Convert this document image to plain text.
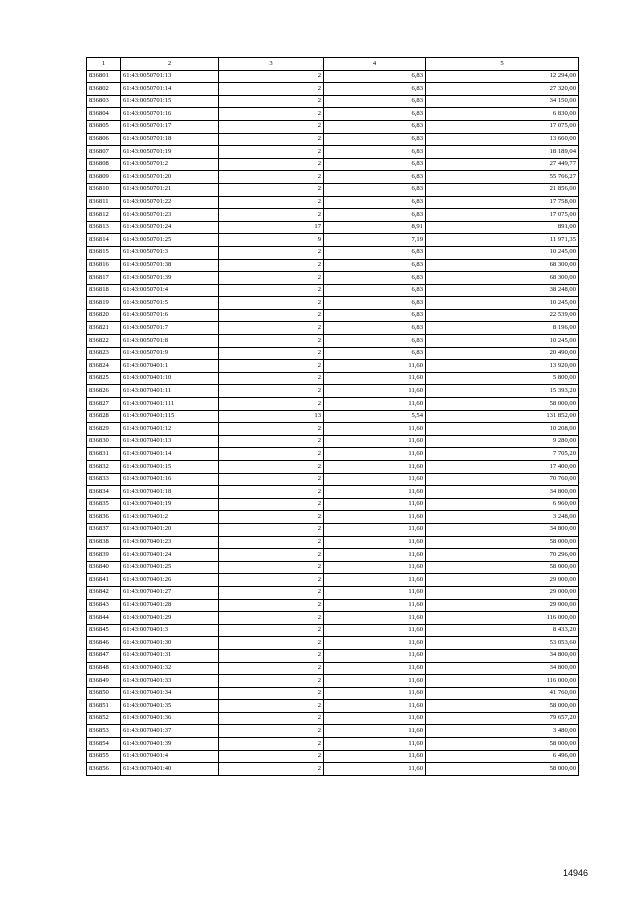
1	2	3	4	5
836801	61:43:0050701:13	2	6,83	12 294,00
836802	61:43:0050701:14	2	6,83	27 320,00
836803	61:43:0050701:15	2	6,83	34 150,00
836804	61:43:0050701:16	2	6,83	6 830,00
836805	61:43:0050701:17	2	6,83	17 075,00
836806	61:43:0050701:18	2	6,83	13 660,00
836807	61:43:0050701:19	2	6,83	18 189,04
836808	61:43:0050701:2	2	6,83	27 449,77
836809	61:43:0050701:20	2	6,83	55 766,27
836810	61:43:0050701:21	2	6,83	21 856,00
836811	61:43:0050701:22	2	6,83	17 758,00
836812	61:43:0050701:23	2	6,83	17 075,00
836813	61:43:0050701:24	17	8,91	891,00
836814	61:43:0050701:25	9	7,19	11 971,35
836815	61:43:0050701:3	2	6,83	10 245,00
836816	61:43:0050701:38	2	6,83	68 300,00
836817	61:43:0050701:39	2	6,83	68 300,00
836818	61:43:0050701:4	2	6,83	38 248,00
836819	61:43:0050701:5	2	6,83	10 245,00
836820	61:43:0050701:6	2	6,83	22 539,00
836821	61:43:0050701:7	2	6,83	8 196,00
836822	61:43:0050701:8	2	6,83	10 245,00
836823	61:43:0050701:9	2	6,83	20 490,00
836824	61:43:0070401:1	2	11,60	13 920,00
836825	61:43:0070401:10	2	11,60	5 800,00
836826	61:43:0070401:11	2	11,60	15 393,20
836827	61:43:0070401:111	2	11,60	58 000,00
836828	61:43:0070401:115	13	5,54	131 852,00
836829	61:43:0070401:12	2	11,60	10 208,00
836830	61:43:0070401:13	2	11,60	9 280,00
836831	61:43:0070401:14	2	11,60	7 705,20
836832	61:43:0070401:15	2	11,60	17 400,00
836833	61:43:0070401:16	2	11,60	70 760,00
836834	61:43:0070401:18	2	11,60	34 800,00
836835	61:43:0070401:19	2	11,60	6 960,00
836836	61:43:0070401:2	2	11,60	3 248,00
836837	61:43:0070401:20	2	11,60	34 800,00
836838	61:43:0070401:23	2	11,60	58 000,00
836839	61:43:0070401:24	2	11,60	70 296,00
836840	61:43:0070401:25	2	11,60	58 000,00
836841	61:43:0070401:26	2	11,60	29 000,00
836842	61:43:0070401:27	2	11,60	29 000,00
836843	61:43:0070401:28	2	11,60	29 000,00
836844	61:43:0070401:29	2	11,60	116 000,00
836845	61:43:0070401:3	2	11,60	8 433,20
836846	61:43:0070401:30	2	11,60	53 053,60
836847	61:43:0070401:31	2	11,60	34 800,00
836848	61:43:0070401:32	2	11,60	34 800,00
836849	61:43:0070401:33	2	11,60	116 000,00
836850	61:43:0070401:34	2	11,60	41 760,00
836851	61:43:0070401:35	2	11,60	58 000,00
836852	61:43:0070401:36	2	11,60	79 657,20
836853	61:43:0070401:37	2	11,60	3 480,00
836854	61:43:0070401:39	2	11,60	58 000,00
836855	61:43:0070401:4	2	11,60	6 496,00
836856	61:43:0070401:40	2	11,60	58 000,00
14946
